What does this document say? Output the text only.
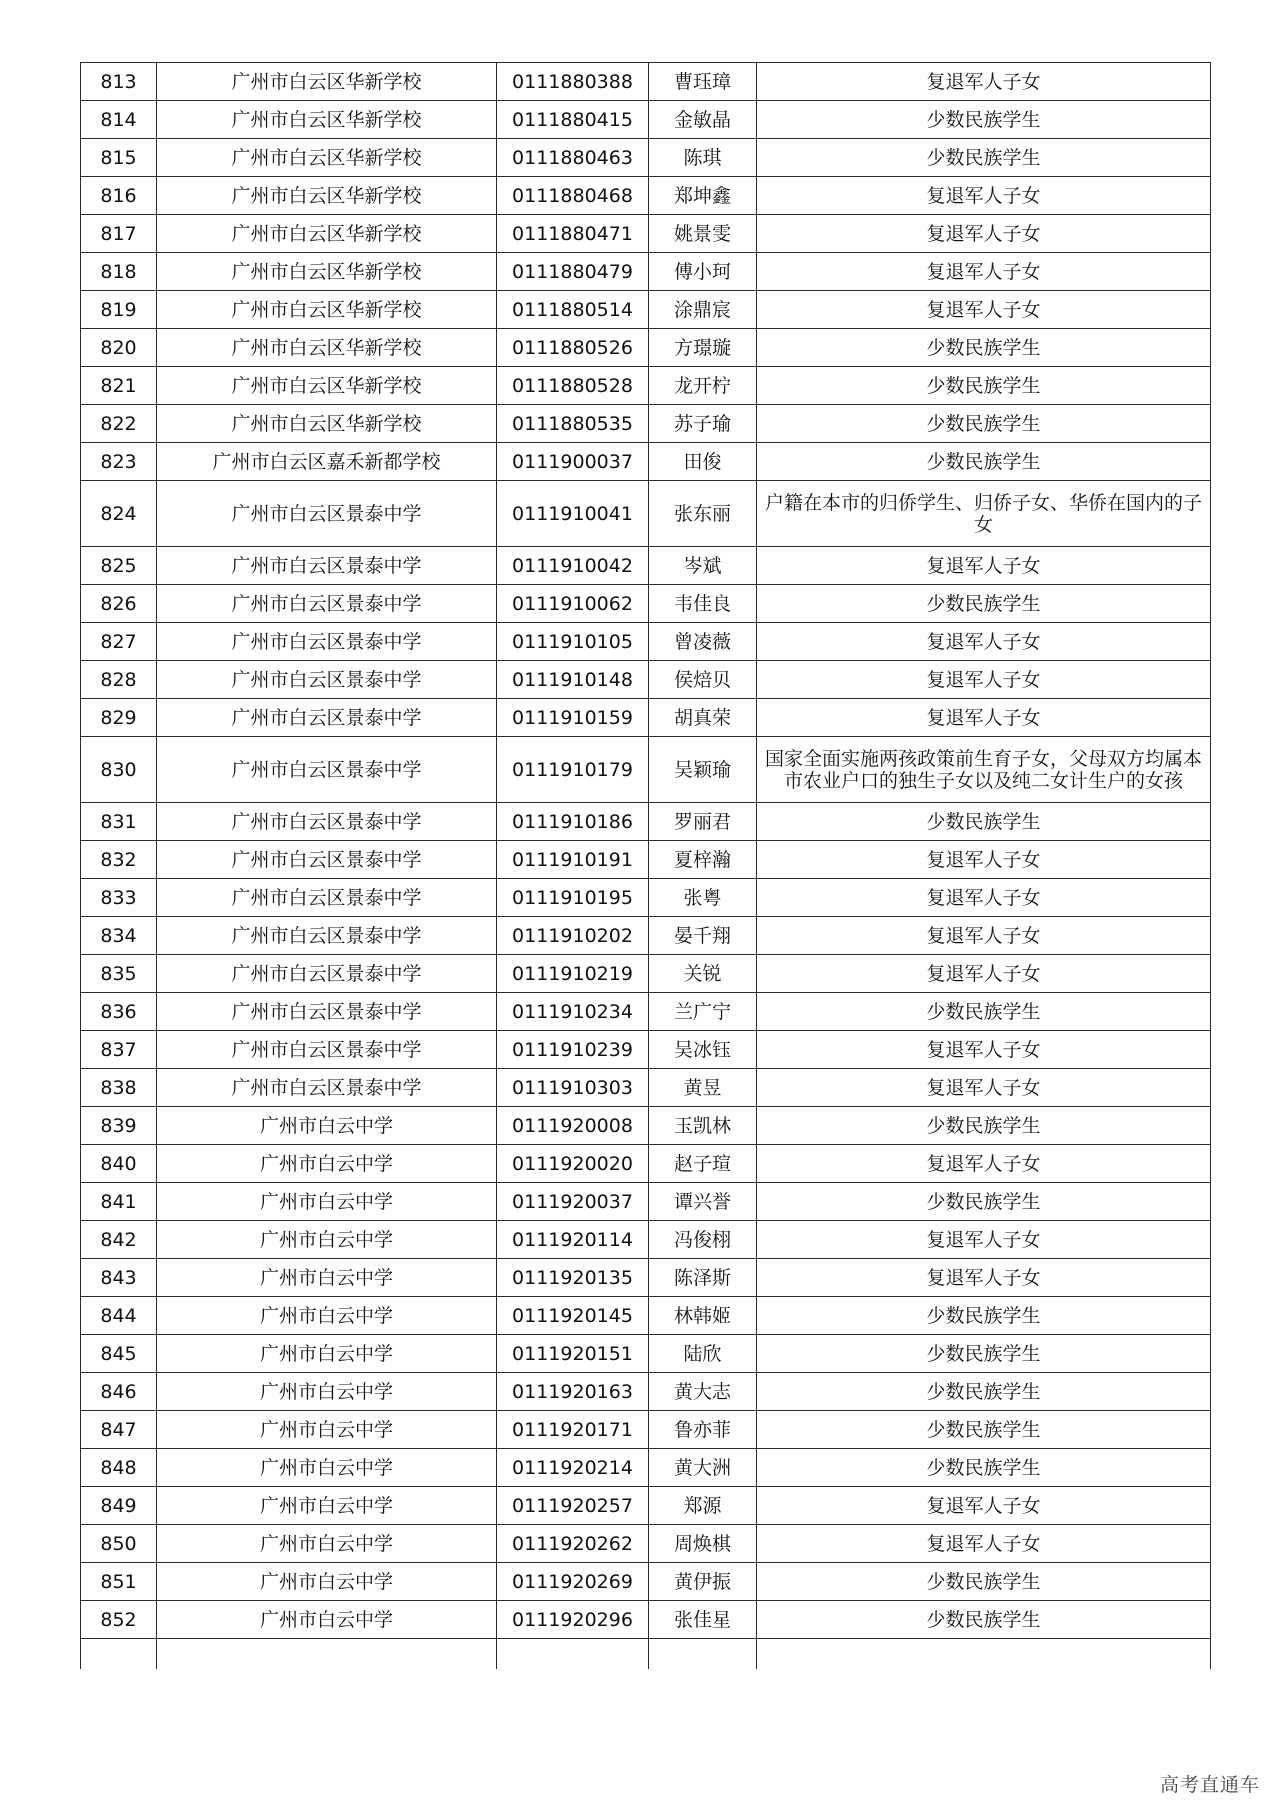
813	广州市白云区华新学校	0111880388	曹珏璋	复退军人子女
814	广州市白云区华新学校	0111880415	金敏晶	少数民族学生
815	广州市白云区华新学校	0111880463	陈琪	少数民族学生
816	广州市白云区华新学校	0111880468	郑坤鑫	复退军人子女
817	广州市白云区华新学校	0111880471	姚景雯	复退军人子女
818	广州市白云区华新学校	0111880479	傅小珂	复退军人子女
819	广州市白云区华新学校	0111880514	涂鼎宸	复退军人子女
820	广州市白云区华新学校	0111880526	方璟璇	少数民族学生
821	广州市白云区华新学校	0111880528	龙开柠	少数民族学生
822	广州市白云区华新学校	0111880535	苏子瑜	少数民族学生
823	广州市白云区嘉禾新都学校	0111900037	田俊	少数民族学生
824	广州市白云区景泰中学	0111910041	张东丽	户籍在本市的归侨学生、归侨子女、华侨在国内的子女
825	广州市白云区景泰中学	0111910042	岑斌	复退军人子女
826	广州市白云区景泰中学	0111910062	韦佳良	少数民族学生
827	广州市白云区景泰中学	0111910105	曾凌薇	复退军人子女
828	广州市白云区景泰中学	0111910148	侯焙贝	复退军人子女
829	广州市白云区景泰中学	0111910159	胡真荣	复退军人子女
830	广州市白云区景泰中学	0111910179	吴颖瑜	国家全面实施两孩政策前生育子女，父母双方均属本市农业户口的独生子女以及纯二女计生户的女孩
831	广州市白云区景泰中学	0111910186	罗丽君	少数民族学生
832	广州市白云区景泰中学	0111910191	夏梓瀚	复退军人子女
833	广州市白云区景泰中学	0111910195	张粤	复退军人子女
834	广州市白云区景泰中学	0111910202	晏千翔	复退军人子女
835	广州市白云区景泰中学	0111910219	关锐	复退军人子女
836	广州市白云区景泰中学	0111910234	兰广宁	少数民族学生
837	广州市白云区景泰中学	0111910239	吴冰钰	复退军人子女
838	广州市白云区景泰中学	0111910303	黄昱	复退军人子女
839	广州市白云中学	0111920008	玉凯林	少数民族学生
840	广州市白云中学	0111920020	赵子瑄	复退军人子女
841	广州市白云中学	0111920037	谭兴誉	少数民族学生
842	广州市白云中学	0111920114	冯俊栩	复退军人子女
843	广州市白云中学	0111920135	陈泽斯	复退军人子女
844	广州市白云中学	0111920145	林韩姬	少数民族学生
845	广州市白云中学	0111920151	陆欣	少数民族学生
846	广州市白云中学	0111920163	黄大志	少数民族学生
847	广州市白云中学	0111920171	鲁亦菲	少数民族学生
848	广州市白云中学	0111920214	黄大洲	少数民族学生
849	广州市白云中学	0111920257	郑源	复退军人子女
850	广州市白云中学	0111920262	周焕棋	复退军人子女
851	广州市白云中学	0111920269	黄伊振	少数民族学生
852	广州市白云中学	0111920296	张佳星	少数民族学生

高考直通车
